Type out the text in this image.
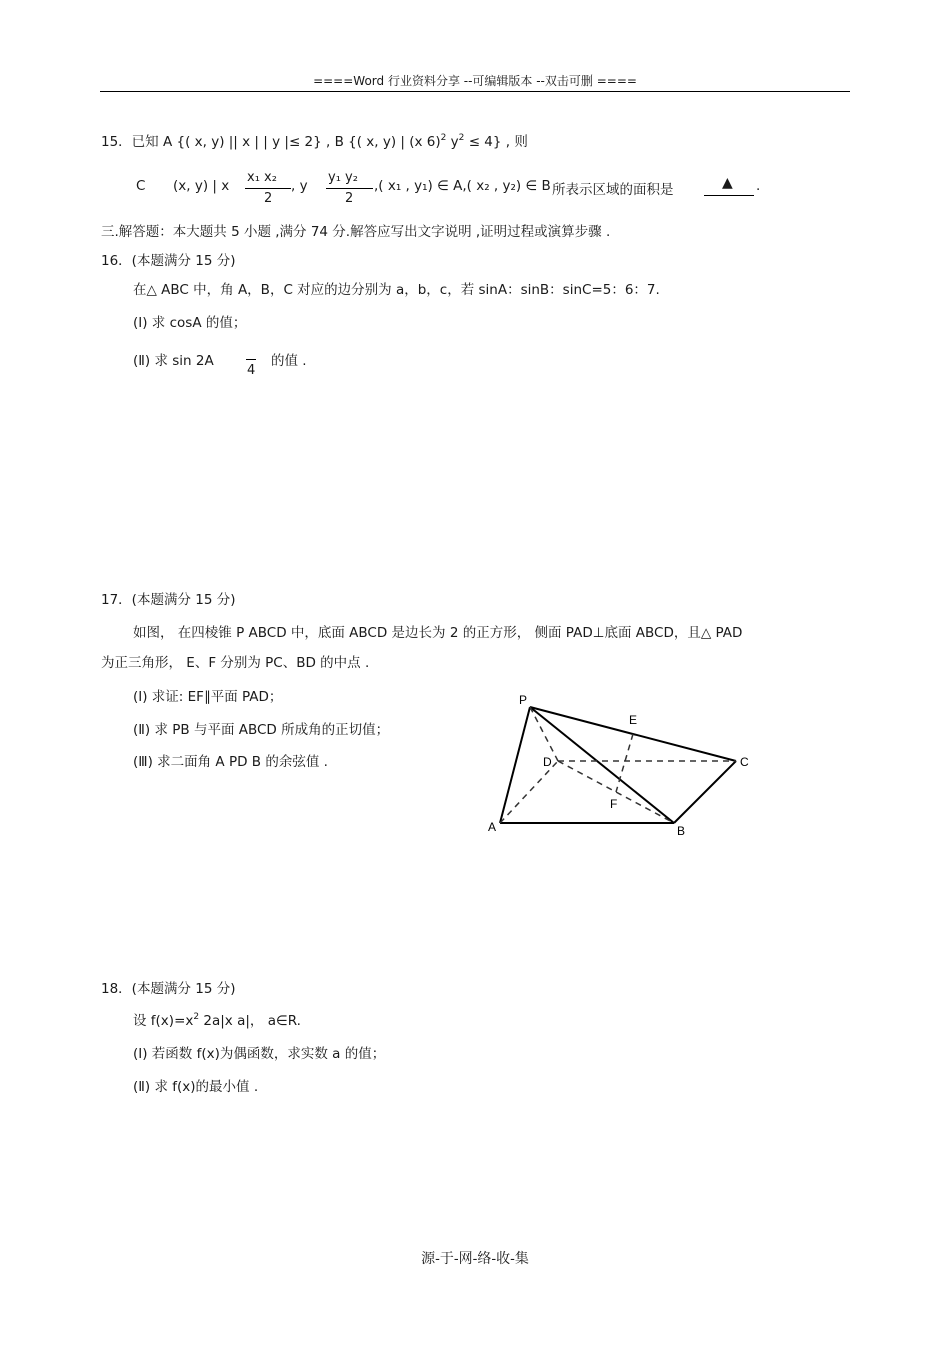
====Word 行业资料分享 --可编辑版本 --双击可删 ====
15．已知 A {( x, y) || x | | y |≤ 2} , B {( x, y) | (x 6)$^2$ $y^2 \le 4$} , 则
C (x, y) | x
x₁ x₂
2
, y
y₁ y₂
2
,( x₁ , y₁) ∈ A,( x₂ , y₂) ∈ B 所表示区域的面积是	▲ .
三.解答题：本大题共 5 小题 ,满分 74 分.解答应写出文字说明 ,证明过程或演算步骤 .
16．(本题满分 15 分)
在△ ABC 中，角 A，B，C 对应的边分别为 a，b，c，若 sinA：sinB：sinC=5：6：7.
(Ⅰ) 求 cosA 的值；
(Ⅱ) 求 sin 2A
4
的值 .
17．(本题满分 15 分)
如图， 在四棱锥 P ABCD 中，底面 ABCD 是边长为 2 的正方形， 侧面 PAD⊥底面 ABCD，且△ PAD
为正三角形， E、F 分别为 PC、BD 的中点 .
(Ⅰ) 求证: EF∥平面 PAD；
(Ⅱ) 求 PB 与平面 ABCD 所成角的正切值；
(Ⅲ) 求二面角 A PD B 的余弦值 .
P
E
D	C
F
A	B
18．(本题满分 15 分)
设 $f(x)=x^2$ 2a|x a|， a∈R.
(Ⅰ) 若函数 f(x)为偶函数，求实数 a 的值；
(Ⅱ) 求 f(x)的最小值 .
源-于-网-络-收-集
